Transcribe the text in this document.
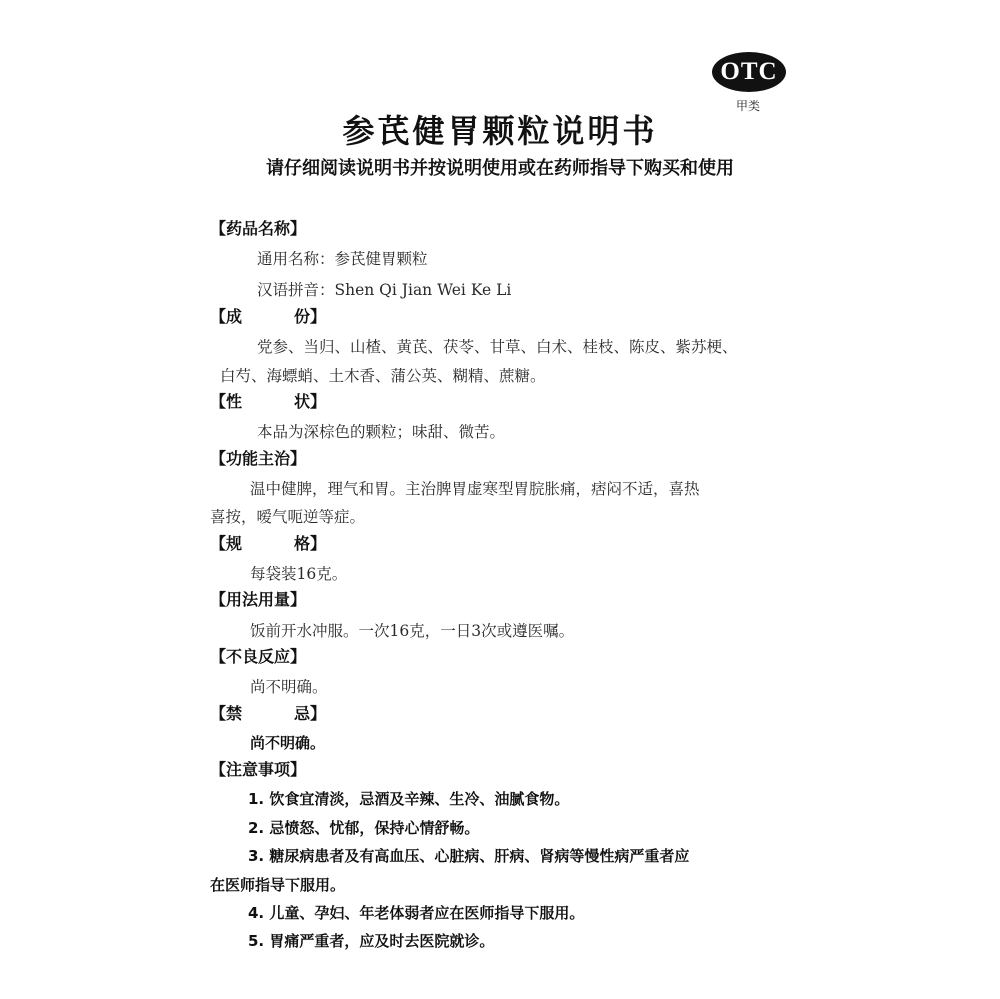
OTC
甲类
参芪健胃颗粒说明书
请仔细阅读说明书并按说明使用或在药师指导下购买和使用
【药品名称】
通用名称：参芪健胃颗粒
汉语拼音：Shen Qi Jian Wei Ke Li
【 成	份 】
党参、当归、山楂、黄芪、茯苓、甘草、白术、桂枝、陈皮、紫苏梗、
白芍、海螵蛸、土木香、蒲公英、糊精、蔗糖。
【 性	状 】
本品为深棕色的颗粒；味甜、微苦。
【功能主治】
温中健脾，理气和胃。主治脾胃虚寒型胃脘胀痛，痞闷不适，喜热
喜按，嗳气呃逆等症。
【 规	格 】
每袋装16克。
【用法用量】
饭前开水冲服。一次16克，一日3次或遵医嘱。
【不良反应】
尚不明确。
【 禁	忌 】
尚不明确。
【注意事项】
1. 饮食宜清淡，忌酒及辛辣、生冷、油腻食物。
2. 忌愤怒、忧郁，保持心情舒畅。
3. 糖尿病患者及有高血压、心脏病、肝病、肾病等慢性病严重者应
在医师指导下服用。
4. 儿童、孕妇、年老体弱者应在医师指导下服用。
5. 胃痛严重者，应及时去医院就诊。
